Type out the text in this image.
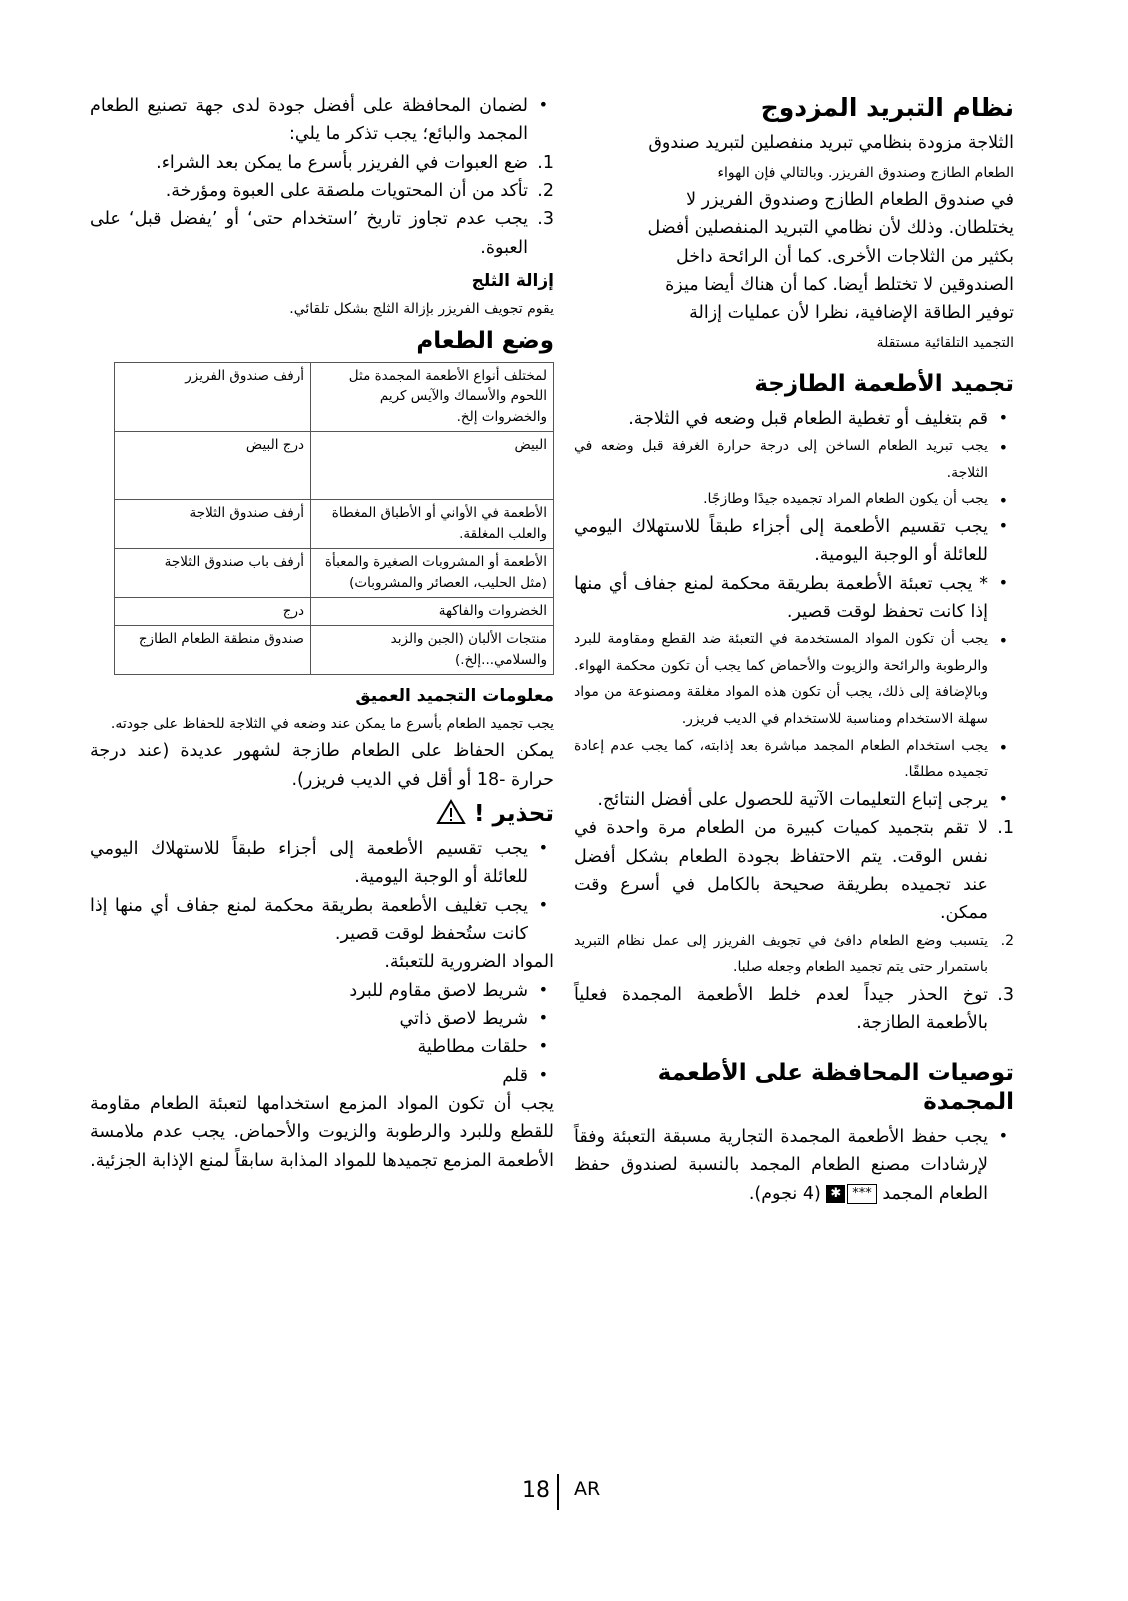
نظام التبريد المزدوج

الثلاجة مزودة بنظامي تبريد منفصلين لتبريد صندوق
الطعام الطازج وصندوق الفريزر. وبالتالي فإن الهواء
في صندوق الطعام الطازج وصندوق الفريزر لا
يختلطان. وذلك لأن نظامي التبريد المنفصلين أفضل
بكثير من الثلاجات الأخرى. كما أن الرائحة داخل
الصندوقين لا تختلط أيضا. كما أن هناك أيضا ميزة
توفير الطاقة الإضافية، نظرا لأن عمليات إزالة
التجميد التلقائية مستقلة

تجميد الأطعمة الطازجة
• قم بتغليف أو تغطية الطعام قبل وضعه في الثلاجة.
• يجب تبريد الطعام الساخن إلى درجة حرارة الغرفة قبل وضعه في الثلاجة.
• يجب أن يكون الطعام المراد تجميده جيدًا وطازجًا.
• يجب تقسيم الأطعمة إلى أجزاء طبقاً للاستهلاك اليومي للعائلة أو الوجبة اليومية.
• * يجب تعبئة الأطعمة بطريقة محكمة لمنع جفاف أي منها إذا كانت تحفظ لوقت قصير.
• يجب أن تكون المواد المستخدمة في التعبئة ضد القطع ومقاومة للبرد والرطوبة والرائحة والزيوت والأحماض كما يجب أن تكون محكمة الهواء. وبالإضافة إلى ذلك، يجب أن تكون هذه المواد مغلقة ومصنوعة من مواد سهلة الاستخدام ومناسبة للاستخدام في الديب فريزر.
• يجب استخدام الطعام المجمد مباشرة بعد إذابته، كما يجب عدم إعادة تجميده مطلقًا.
• يرجى إتباع التعليمات الآتية للحصول على أفضل النتائج.
1.
لا تقم بتجميد كميات كبيرة من الطعام مرة واحدة في نفس الوقت. يتم الاحتفاظ بجودة الطعام بشكل أفضل عند تجميده بطريقة صحيحة بالكامل في أسرع وقت ممكن.
2.
يتسبب وضع الطعام دافئ في تجويف الفريزر إلى عمل نظام التبريد باستمرار حتى يتم تجميد الطعام وجعله صلبا.
3.
توخ الحذر جيداً لعدم خلط الأطعمة المجمدة فعلياً بالأطعمة الطازجة.
توصيات المحافظة على الأطعمة المجمدة
• يجب حفظ الأطعمة المجمدة التجارية مسبقة التعبئة وفقاً لإرشادات مصنع الطعام المجمد بالنسبة لصندوق حفظ الطعام المجمد
***
✱
(4 نجوم).
• لضمان المحافظة على أفضل جودة لدى جهة تصنيع الطعام المجمد والبائع؛ يجب تذكر ما يلي:
1.
ضع العبوات في الفريزر بأسرع ما يمكن بعد الشراء.
2.
تأكد من أن المحتويات ملصقة على العبوة ومؤرخة.
3.
يجب عدم تجاوز تاريخ ’استخدام حتى‘ أو ’يفضل قبل‘ على العبوة.
إزالة الثلج

يقوم تجويف الفريزر بإزالة الثلج بشكل تلقائي.

وضع الطعام
لمختلف أنواع الأطعمة المجمدة مثل اللحوم والأسماك والآيس كريم والخضروات إلخ.	أرفف صندوق الفريزر
البيض	درج البيض
الأطعمة في الأواني أو الأطباق المغطاة والعلب المغلقة.	أرفف صندوق الثلاجة
الأطعمة أو المشروبات الصغيرة والمعبأة (مثل الحليب، العصائر والمشروبات)	أرفف باب صندوق الثلاجة
الخضروات والفاكهة	درج
منتجات الألبان (الجبن والزبد والسلامي...إلخ.)	صندوق منطقة الطعام الطازج
معلومات التجميد العميق

يجب تجميد الطعام بأسرع ما يمكن عند وضعه في الثلاجة للحفاظ على جودته.

يمكن الحفاظ على الطعام طازجة لشهور عديدة (عند درجة حرارة -18 أو أقل في الديب فريزر).

تحذير !
• يجب تقسيم الأطعمة إلى أجزاء طبقاً للاستهلاك اليومي للعائلة أو الوجبة اليومية.
• يجب تغليف الأطعمة بطريقة محكمة لمنع جفاف أي منها إذا كانت ستُحفظ لوقت قصير.

المواد الضرورية للتعبئة.

• شريط لاصق مقاوم للبرد
• شريط لاصق ذاتي
• حلقات مطاطية
• قلم

يجب أن تكون المواد المزمع استخدامها لتعبئة الطعام مقاومة للقطع وللبرد والرطوبة والزيوت والأحماض. يجب عدم ملامسة الأطعمة المزمع تجميدها للمواد المذابة سابقاً لمنع الإذابة الجزئية.

18 AR
